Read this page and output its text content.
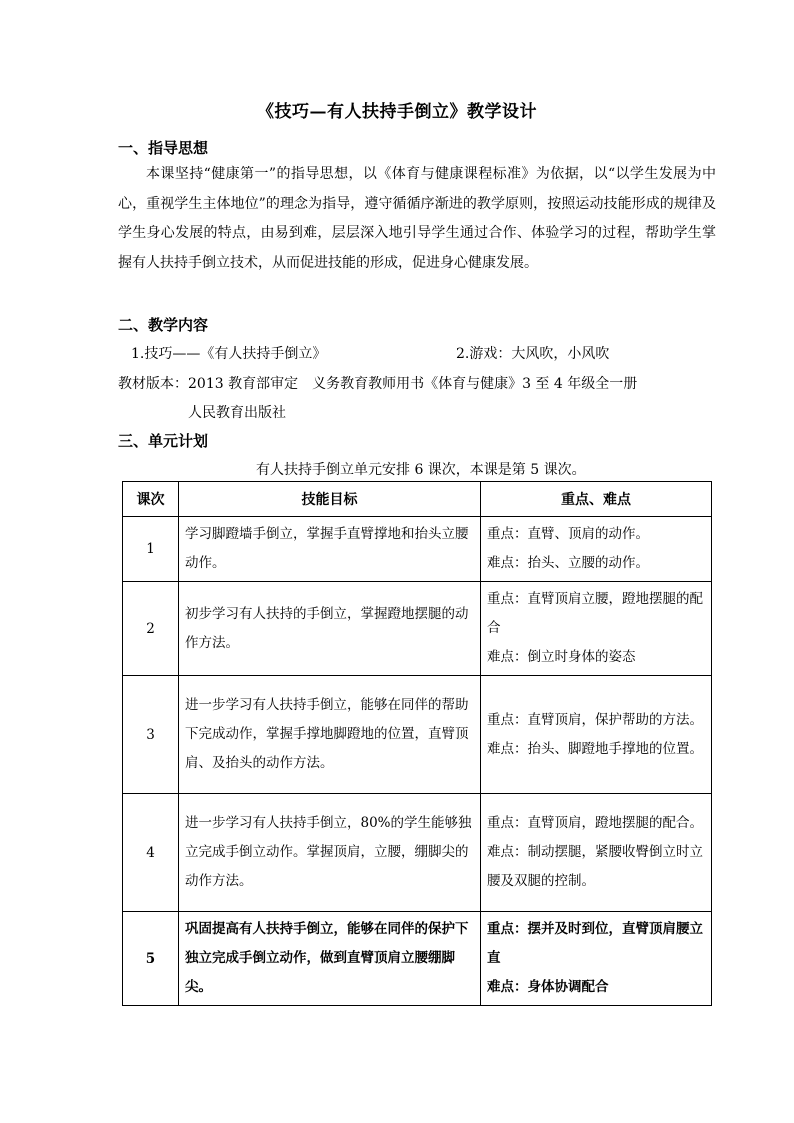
《技巧—有人扶持手倒立》教学设计
一、指导思想
本课坚持“健康第一”的指导思想，以《体育与健康课程标准》为依据，以“以学生发展为中心，重视学生主体地位”的理念为指导，遵守循循序渐进的教学原则，按照运动技能形成的规律及学生身心发展的特点，由易到难，层层深入地引导学生通过合作、体验学习的过程，帮助学生掌握有人扶持手倒立技术，从而促进技能的形成，促进身心健康发展。
二、教学内容
1.技巧——《有人扶持手倒立》	2.游戏：大风吹，小风吹
教材版本：2013 教育部审定　义务教育教师用书《体育与健康》3 至 4 年级全一册
人民教育出版社
三、单元计划
有人扶持手倒立单元安排 6 课次，本课是第 5 课次。
课次	技能目标	重点、难点
1	学习脚蹬墙手倒立，掌握手直臂撑地和抬头立腰动作。	重点：直臂、顶肩的动作。
难点：抬头、立腰的动作。

2	初步学习有人扶持的手倒立，掌握蹬地摆腿的动作方法。	重点：直臂顶肩立腰，蹬地摆腿的配合
难点：倒立时身体的姿态

3	进一步学习有人扶持手倒立，能够在同伴的帮助下完成动作，掌握手撑地脚蹬地的位置，直臂顶肩、及抬头的动作方法。	重点：直臂顶肩，保护帮助的方法。
难点：抬头、脚蹬地手撑地的位置。

4	进一步学习有人扶持手倒立，80%的学生能够独立完成手倒立动作。掌握顶肩，立腰，绷脚尖的动作方法。	重点：直臂顶肩，蹬地摆腿的配合。
难点：制动摆腿，紧腰收臀倒立时立腰及双腿的控制。

5	巩固提高有人扶持手倒立，能够在同伴的保护下独立完成手倒立动作，做到直臂顶肩立腰绷脚尖。	重点：摆并及时到位，直臂顶肩腰立直
难点：身体协调配合
